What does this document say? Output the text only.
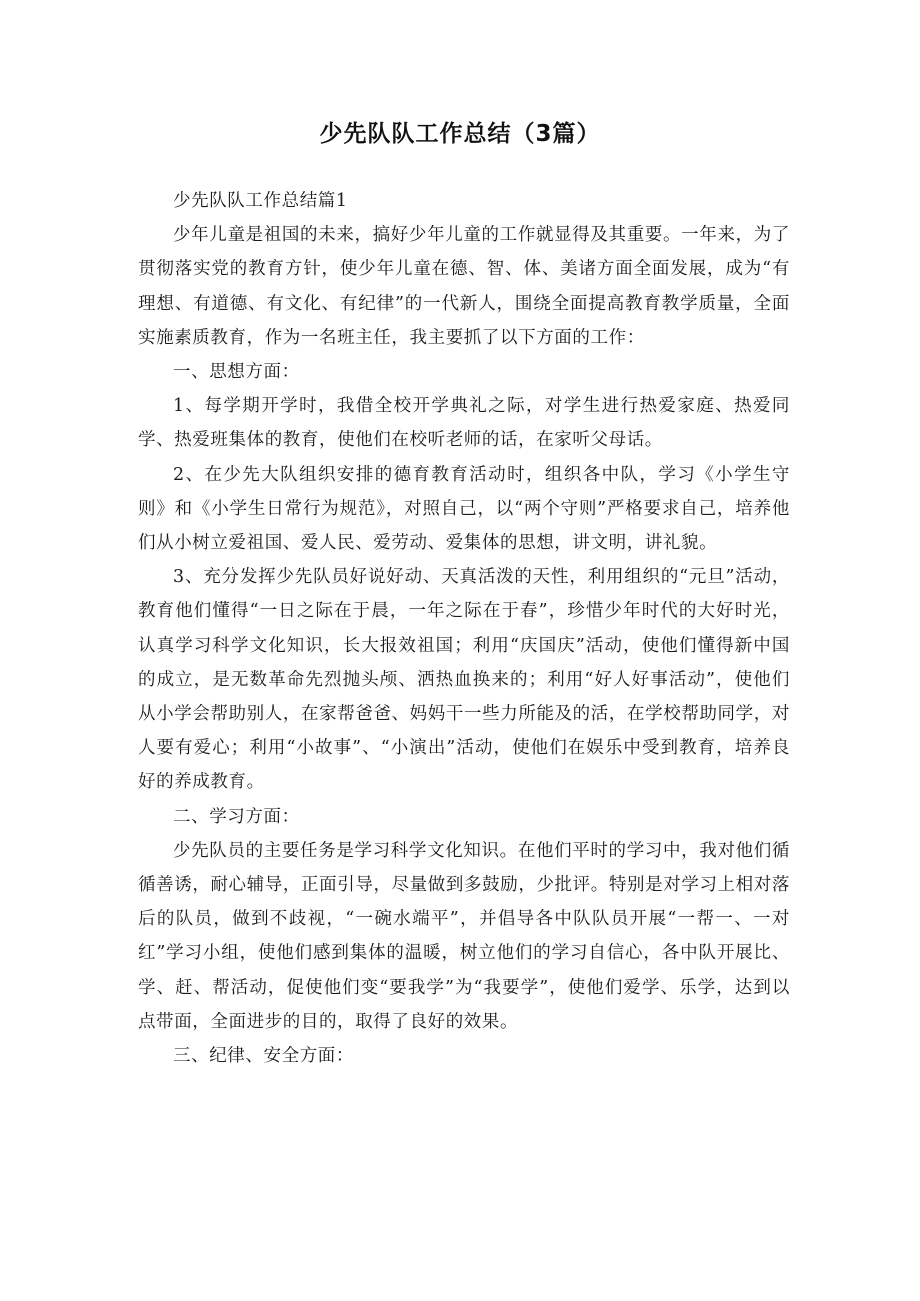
少先队队工作总结（3篇）

少先队队工作总结篇1

少年儿童是祖国的未来，搞好少年儿童的工作就显得及其重要。一年来，为了贯彻落实党的教育方针，使少年儿童在德、智、体、美诸方面全面发展，成为“有理想、有道德、有文化、有纪律”的一代新人，围绕全面提高教育教学质量，全面实施素质教育，作为一名班主任，我主要抓了以下方面的工作：

一、思想方面：

1、每学期开学时，我借全校开学典礼之际，对学生进行热爱家庭、热爱同学、热爱班集体的教育，使他们在校听老师的话，在家听父母话。

2、在少先大队组织安排的德育教育活动时，组织各中队，学习《小学生守则》和《小学生日常行为规范》，对照自己，以“两个守则”严格要求自己，培养他们从小树立爱祖国、爱人民、爱劳动、爱集体的思想，讲文明，讲礼貌。

3、充分发挥少先队员好说好动、天真活泼的天性，利用组织的“元旦”活动，教育他们懂得“一日之际在于晨，一年之际在于春”，珍惜少年时代的大好时光，认真学习科学文化知识，长大报效祖国；利用“庆国庆”活动，使他们懂得新中国的成立，是无数革命先烈抛头颅、洒热血换来的；利用“好人好事活动”，使他们从小学会帮助别人，在家帮爸爸、妈妈干一些力所能及的活，在学校帮助同学，对人要有爱心；利用“小故事”、“小演出”活动，使他们在娱乐中受到教育，培养良好的养成教育。

二、学习方面：

少先队员的主要任务是学习科学文化知识。在他们平时的学习中，我对他们循循善诱，耐心辅导，正面引导，尽量做到多鼓励，少批评。特别是对学习上相对落后的队员，做到不歧视，“一碗水端平”，并倡导各中队队员开展“一帮一、一对红”学习小组，使他们感到集体的温暖，树立他们的学习自信心，各中队开展比、学、赶、帮活动，促使他们变“要我学”为“我要学”，使他们爱学、乐学，达到以点带面，全面进步的目的，取得了良好的效果。

三、纪律、安全方面：
